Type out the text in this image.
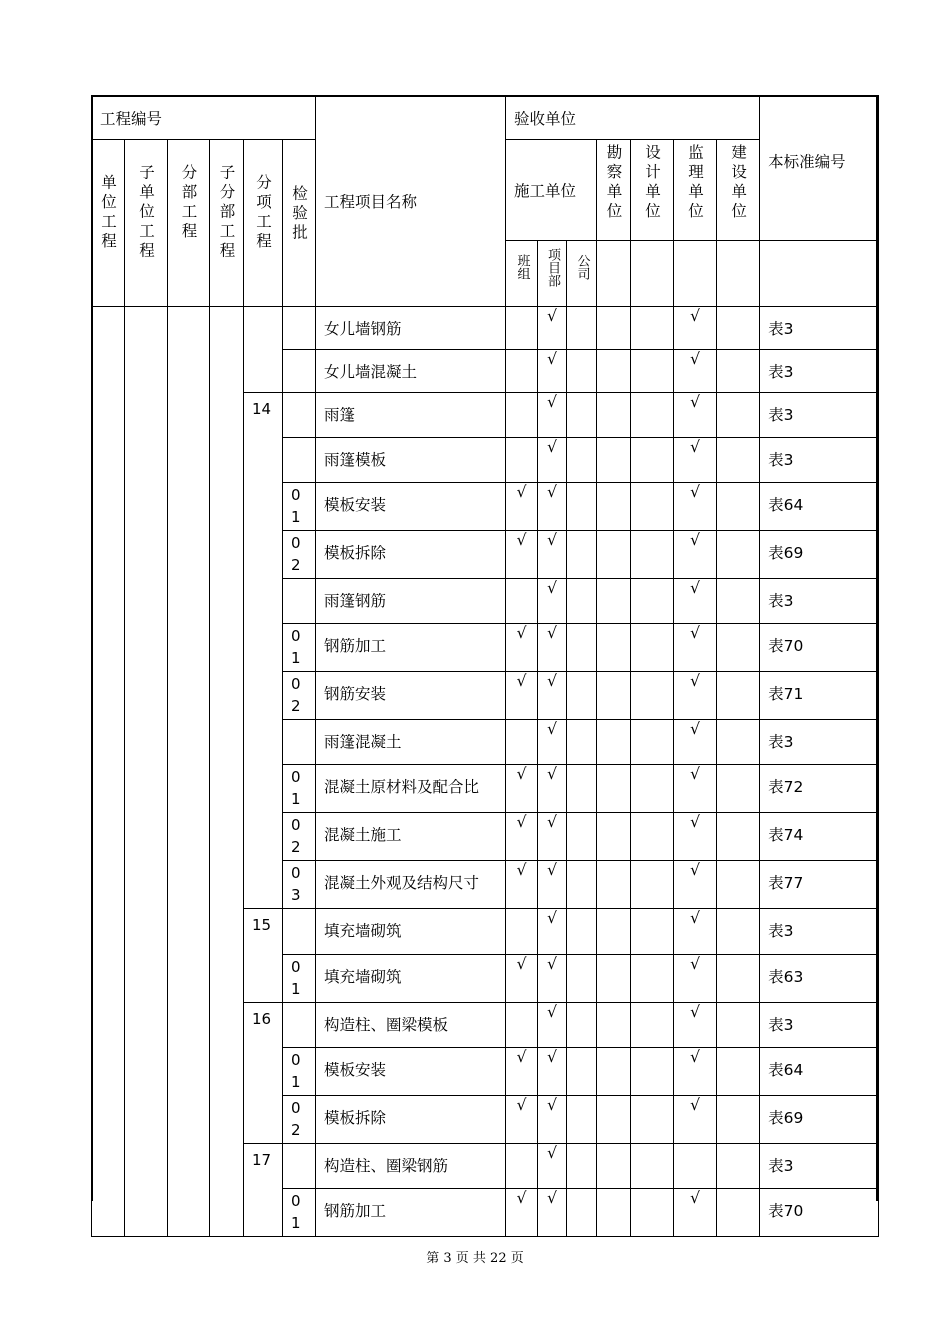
工程编号						工程项目名称	验收单位							本标准编号

单位工程	子单位工程	分部工程	子分部工程	分项工程	检验批		施工单位			勘察单位	设计单位	监理单位	建设单位	

							班组	项目部	公司					

						女儿墙钢筋		√				√		表3

						女儿墙混凝土		√				√		表3

				14		雨篷		√				√		表3

						雨篷模板		√				√		表3

					01	模板安装	√	√				√		表64

					02	模板拆除	√	√				√		表69

						雨篷钢筋		√				√		表3

					01	钢筋加工	√	√				√		表70

					02	钢筋安装	√	√				√		表71

						雨篷混凝土		√				√		表3

					01	混凝土原材料及配合比	√	√				√		表72

					02	混凝土施工	√	√				√		表74

					03	混凝土外观及结构尺寸	√	√				√		表77

				15		填充墙砌筑		√				√		表3

					01	填充墙砌筑	√	√				√		表63

				16		构造柱、圈梁模板		√				√		表3

					01	模板安装	√	√				√		表64

					02	模板拆除	√	√				√		表69

				17		构造柱、圈梁钢筋		√						表3

					01	钢筋加工	√	√				√		表70
第 3 页 共 22 页
